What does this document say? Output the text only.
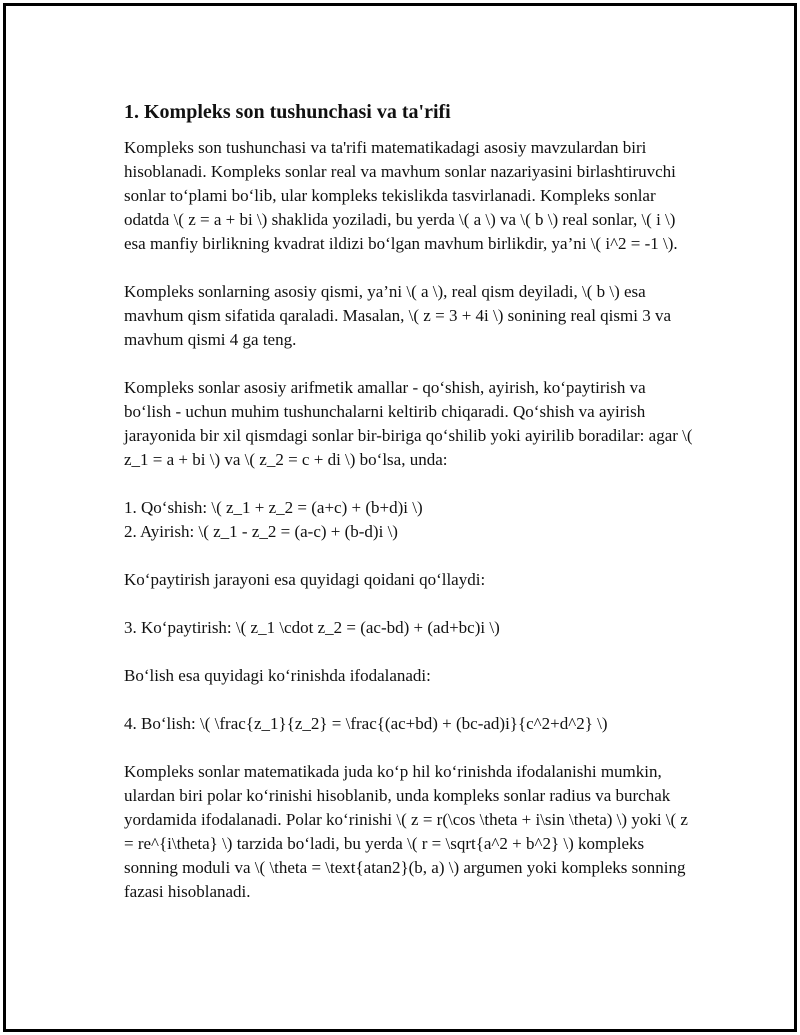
1. Kompleks son tushunchasi va ta'rifi

Kompleks son tushunchasi va ta'rifi matematikadagi asosiy mavzulardan biri hisoblanadi. Kompleks sonlar real va mavhum sonlar nazariyasini birlashtiruvchi sonlar to‘plami bo‘lib, ular kompleks tekislikda tasvirlanadi. Kompleks sonlar odatda \( z = a + bi \) shaklida yoziladi, bu yerda \( a \) va \( b \) real sonlar, \( i \) esa manfiy birlikning kvadrat ildizi bo‘lgan mavhum birlikdir, ya’ni \( i^2 = -1 \).

Kompleks sonlarning asosiy qismi, ya’ni \( a \), real qism deyiladi, \( b \) esa mavhum qism sifatida qaraladi. Masalan, \( z = 3 + 4i \) sonining real qismi 3 va mavhum qismi 4 ga teng.

Kompleks sonlar asosiy arifmetik amallar - qo‘shish, ayirish, ko‘paytirish va bo‘lish - uchun muhim tushunchalarni keltirib chiqaradi. Qo‘shish va ayirish jarayonida bir xil qismdagi sonlar bir-biriga qo‘shilib yoki ayirilib boradilar: agar \( z_1 = a + bi \) va \( z_2 = c + di \) bo‘lsa, unda:

1. Qo‘shish: \( z_1 + z_2 = (a+c) + (b+d)i \)

2. Ayirish: \( z_1 - z_2 = (a-c) + (b-d)i \)

Ko‘paytirish jarayoni esa quyidagi qoidani qo‘llaydi:

3. Ko‘paytirish: \( z_1 \cdot z_2 = (ac-bd) + (ad+bc)i \)

Bo‘lish esa quyidagi ko‘rinishda ifodalanadi:

4. Bo‘lish: \( \frac{z_1}{z_2} = \frac{(ac+bd) + (bc-ad)i}{c^2+d^2} \)

Kompleks sonlar matematikada juda ko‘p hil ko‘rinishda ifodalanishi mumkin, ulardan biri polar ko‘rinishi hisoblanib, unda kompleks sonlar radius va burchak yordamida ifodalanadi. Polar ko‘rinishi \( z = r(\cos \theta + i\sin \theta) \) yoki \( z = re^{i\theta} \) tarzida bo‘ladi, bu yerda \( r = \sqrt{a^2 + b^2} \) kompleks sonning moduli va \( \theta = \text{atan2}(b, a) \) argumen yoki kompleks sonning fazasi hisoblanadi.
